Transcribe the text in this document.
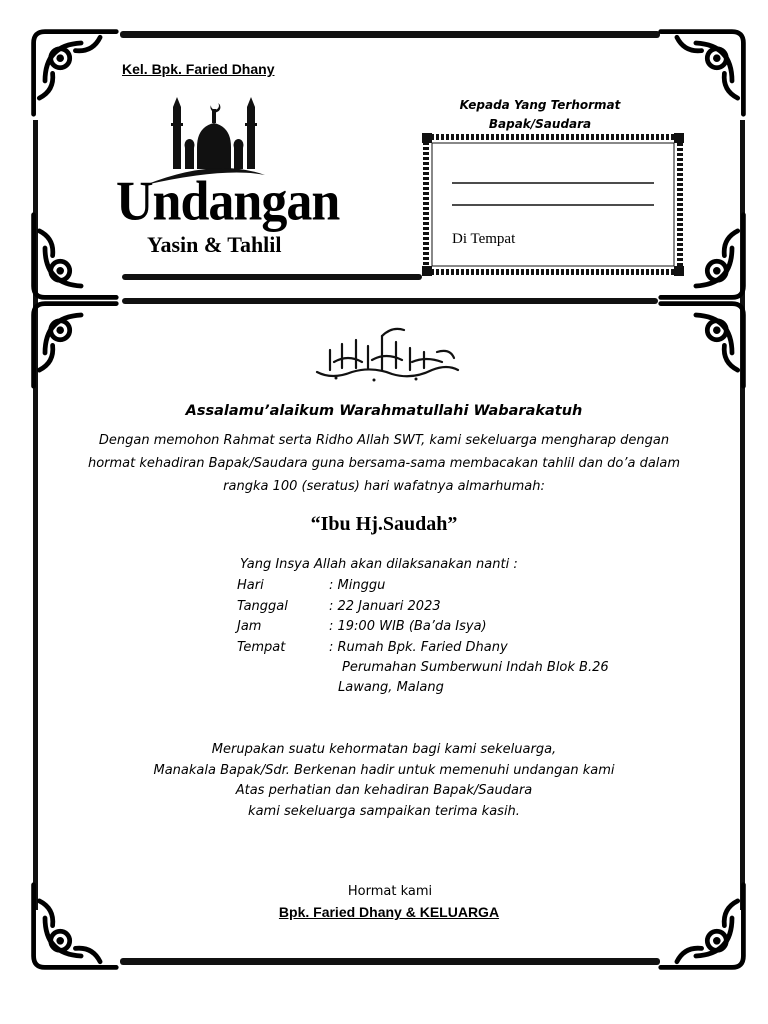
Kel. Bpk. Faried Dhany
Undangan
Yasin & Tahlil
Kepada Yang Terhormat
Bapak/Saudara
Di Tempat
Assalamu’alaikum Warahmatullahi Wabarakatuh
Dengan memohon Rahmat serta Ridho Allah SWT, kami sekeluarga mengharap dengan
hormat kehadiran Bapak/Saudara guna bersama-sama membacakan tahlil dan do’a dalam
rangka 100 (seratus) hari wafatnya almarhumah:
“Ibu Hj.Saudah”
Yang Insya Allah akan dilaksanakan nanti :
Hari	: Minggu
Tanggal	: 22 Januari 2023
Jam	: 19:00 WIB (Ba’da Isya)
Tempat	: Rumah Bpk. Faried Dhany
Perumahan Sumberwuni Indah Blok B.26
Lawang, Malang
Merupakan suatu kehormatan bagi kami sekeluarga,
Manakala Bapak/Sdr. Berkenan hadir untuk memenuhi undangan kami
Atas perhatian dan kehadiran Bapak/Saudara
kami sekeluarga sampaikan terima kasih.
Hormat kami
Bpk. Faried Dhany & KELUARGA
